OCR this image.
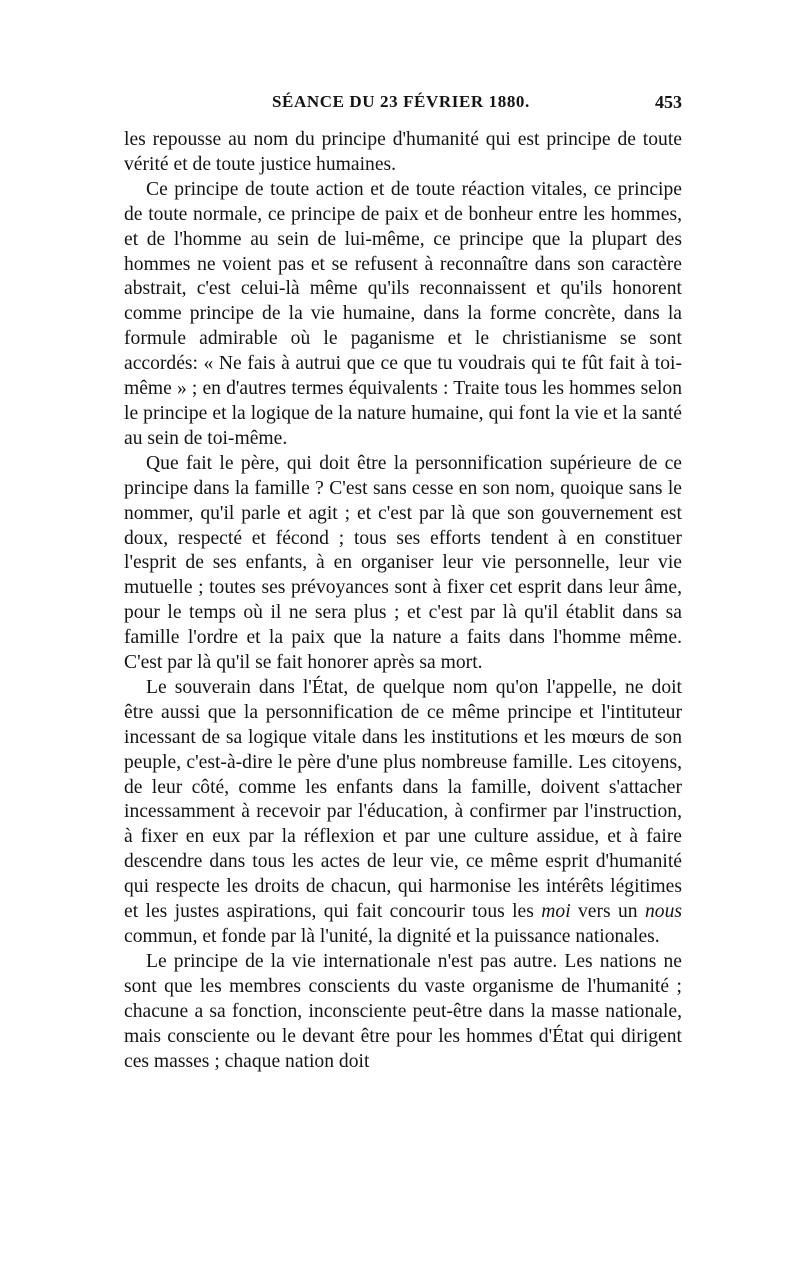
SÉANCE DU 23 FÉVRIER 1880.	453

les repousse au nom du principe d'humanité qui est principe de toute vérité et de toute justice humaines.

Ce principe de toute action et de toute réaction vitales, ce principe de toute normale, ce principe de paix et de bonheur entre les hommes, et de l'homme au sein de lui-même, ce principe que la plupart des hommes ne voient pas et se refusent à reconnaître dans son caractère abstrait, c'est celui-là même qu'ils reconnaissent et qu'ils honorent comme principe de la vie humaine, dans la forme concrète, dans la formule admirable où le paganisme et le christianisme se sont accordés: « Ne fais à autrui que ce que tu voudrais qui te fût fait à toi-même » ; en d'autres termes équivalents : Traite tous les hommes selon le principe et la logique de la nature humaine, qui font la vie et la santé au sein de toi-même.

Que fait le père, qui doit être la personnification supérieure de ce principe dans la famille ? C'est sans cesse en son nom, quoique sans le nommer, qu'il parle et agit ; et c'est par là que son gouvernement est doux, respecté et fécond ; tous ses efforts tendent à en constituer l'esprit de ses enfants, à en organiser leur vie personnelle, leur vie mutuelle ; toutes ses prévoyances sont à fixer cet esprit dans leur âme, pour le temps où il ne sera plus ; et c'est par là qu'il établit dans sa famille l'ordre et la paix que la nature a faits dans l'homme même. C'est par là qu'il se fait honorer après sa mort.

Le souverain dans l'État, de quelque nom qu'on l'appelle, ne doit être aussi que la personnification de ce même principe et l'intituteur incessant de sa logique vitale dans les institutions et les mœurs de son peuple, c'est-à-dire le père d'une plus nombreuse famille. Les citoyens, de leur côté, comme les enfants dans la famille, doivent s'attacher incessamment à recevoir par l'éducation, à confirmer par l'instruction, à fixer en eux par la réflexion et par une culture assidue, et à faire descendre dans tous les actes de leur vie, ce même esprit d'humanité qui respecte les droits de chacun, qui harmonise les intérêts légitimes et les justes aspirations, qui fait concourir tous les moi vers un nous commun, et fonde par là l'unité, la dignité et la puissance nationales.

Le principe de la vie internationale n'est pas autre. Les nations ne sont que les membres conscients du vaste organisme de l'humanité ; chacune a sa fonction, inconsciente peut-être dans la masse nationale, mais consciente ou le devant être pour les hommes d'État qui dirigent ces masses ; chaque nation doit
